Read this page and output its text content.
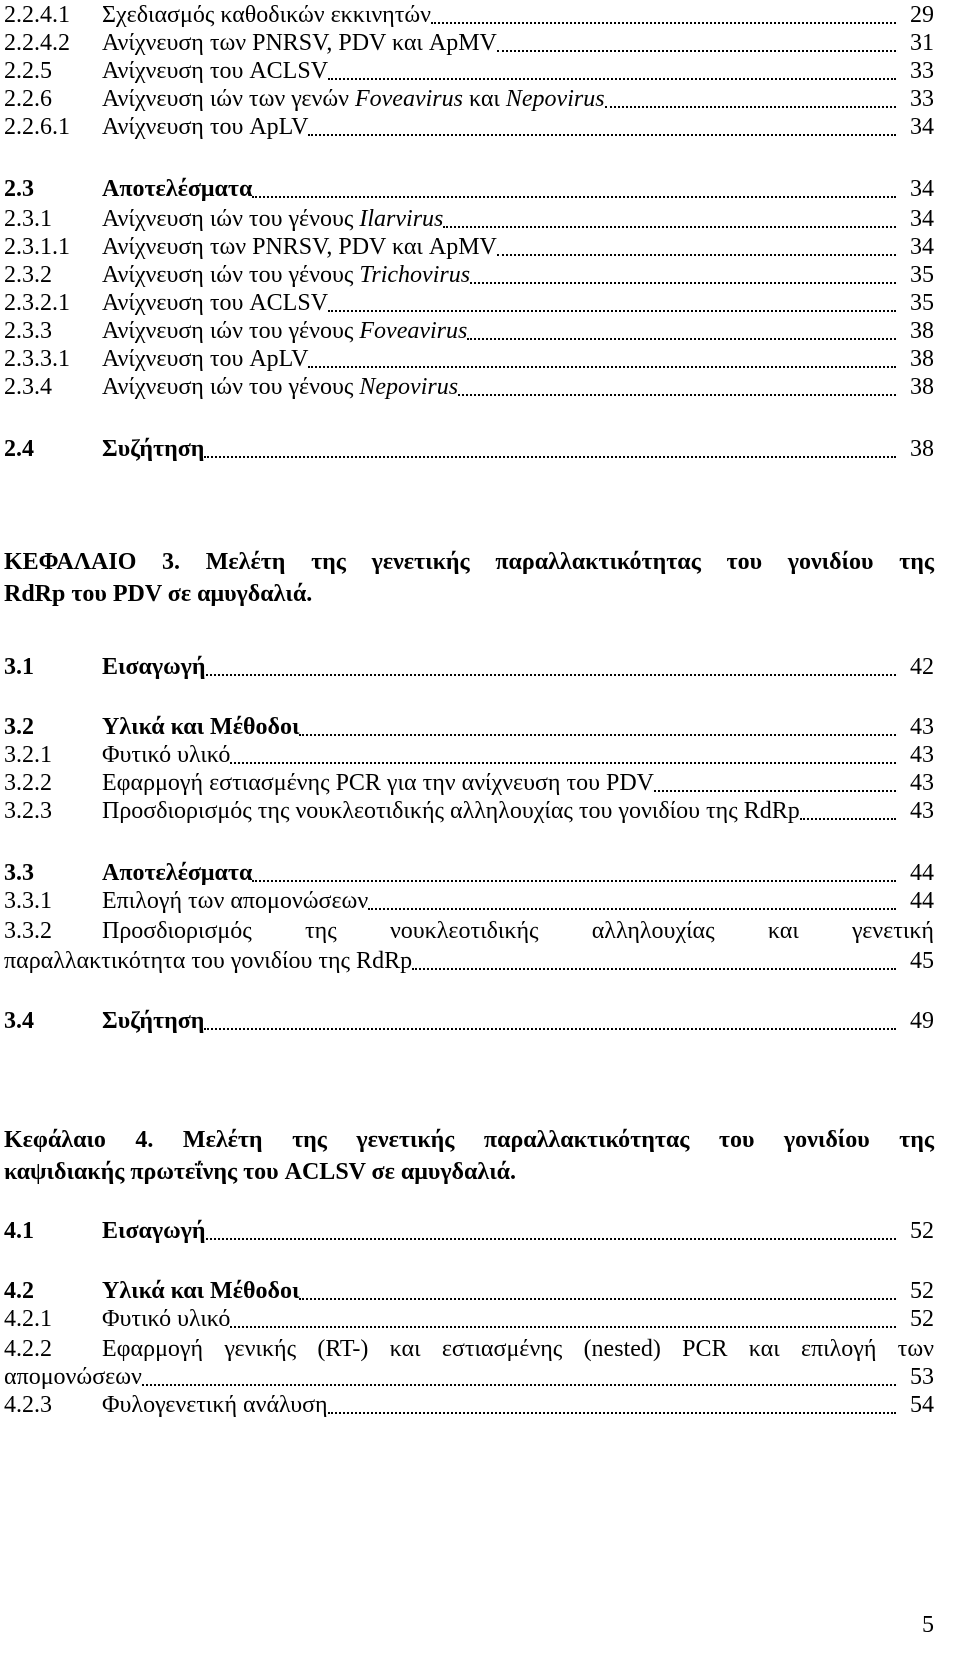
2.2.4.1	Σχεδιασμός καθοδικών εκκινητών	29
2.2.4.2	Ανίχνευση των PNRSV, PDV και ApMV	31
2.2.5	Ανίχνευση του ACLSV	33
2.2.6	Ανίχνευση ιών των γενών Foveavirus και Nepovirus	33
2.2.6.1	Ανίχνευση του ApLV	34
2.3	Αποτελέσματα	34
2.3.1	Ανίχνευση ιών του γένους Ilarvirus	34
2.3.1.1	Ανίχνευση των PNRSV, PDV και ApMV	34
2.3.2	Ανίχνευση ιών του γένους Trichovirus	35
2.3.2.1	Ανίχνευση του ACLSV	35
2.3.3	Ανίχνευση ιών του γένους Foveavirus	38
2.3.3.1	Ανίχνευση του ApLV	38
2.3.4	Ανίχνευση ιών του γένους Nepovirus	38
2.4	Συζήτηση	38
ΚΕΦΑΛΑΙΟ 3. Μελέτη της γενετικής παραλλακτικότητας του γονιδίου της
RdRp του PDV σε αμυγδαλιά.
3.1	Εισαγωγή	42
3.2	Υλικά και Μέθοδοι	43
3.2.1	Φυτικό υλικό	43
3.2.2	Εφαρμογή εστιασμένης PCR για την ανίχνευση του PDV	43
3.2.3	Προσδιορισμός της νουκλεοτιδικής αλληλουχίας του γονιδίου της RdRp	43
3.3	Αποτελέσματα	44
3.3.1	Επιλογή των απομονώσεων	44
3.3.2	Προσδιορισμός της νουκλεοτιδικής αλληλουχίας και γενετική
παραλλακτικότητα του γονιδίου της RdRp	45
3.4	Συζήτηση	49
Κεφάλαιο 4. Μελέτη της γενετικής παραλλακτικότητας του γονιδίου της
καψιδιακής πρωτεΐνης του ACLSV σε αμυγδαλιά.
4.1	Εισαγωγή	52
4.2	Υλικά και Μέθοδοι	52
4.2.1	Φυτικό υλικό	52
4.2.2	Εφαρμογή γενικής (RT-) και εστιασμένης (nested) PCR και επιλογή των
απομονώσεων	53
4.2.3	Φυλογενετική ανάλυση	54
5
